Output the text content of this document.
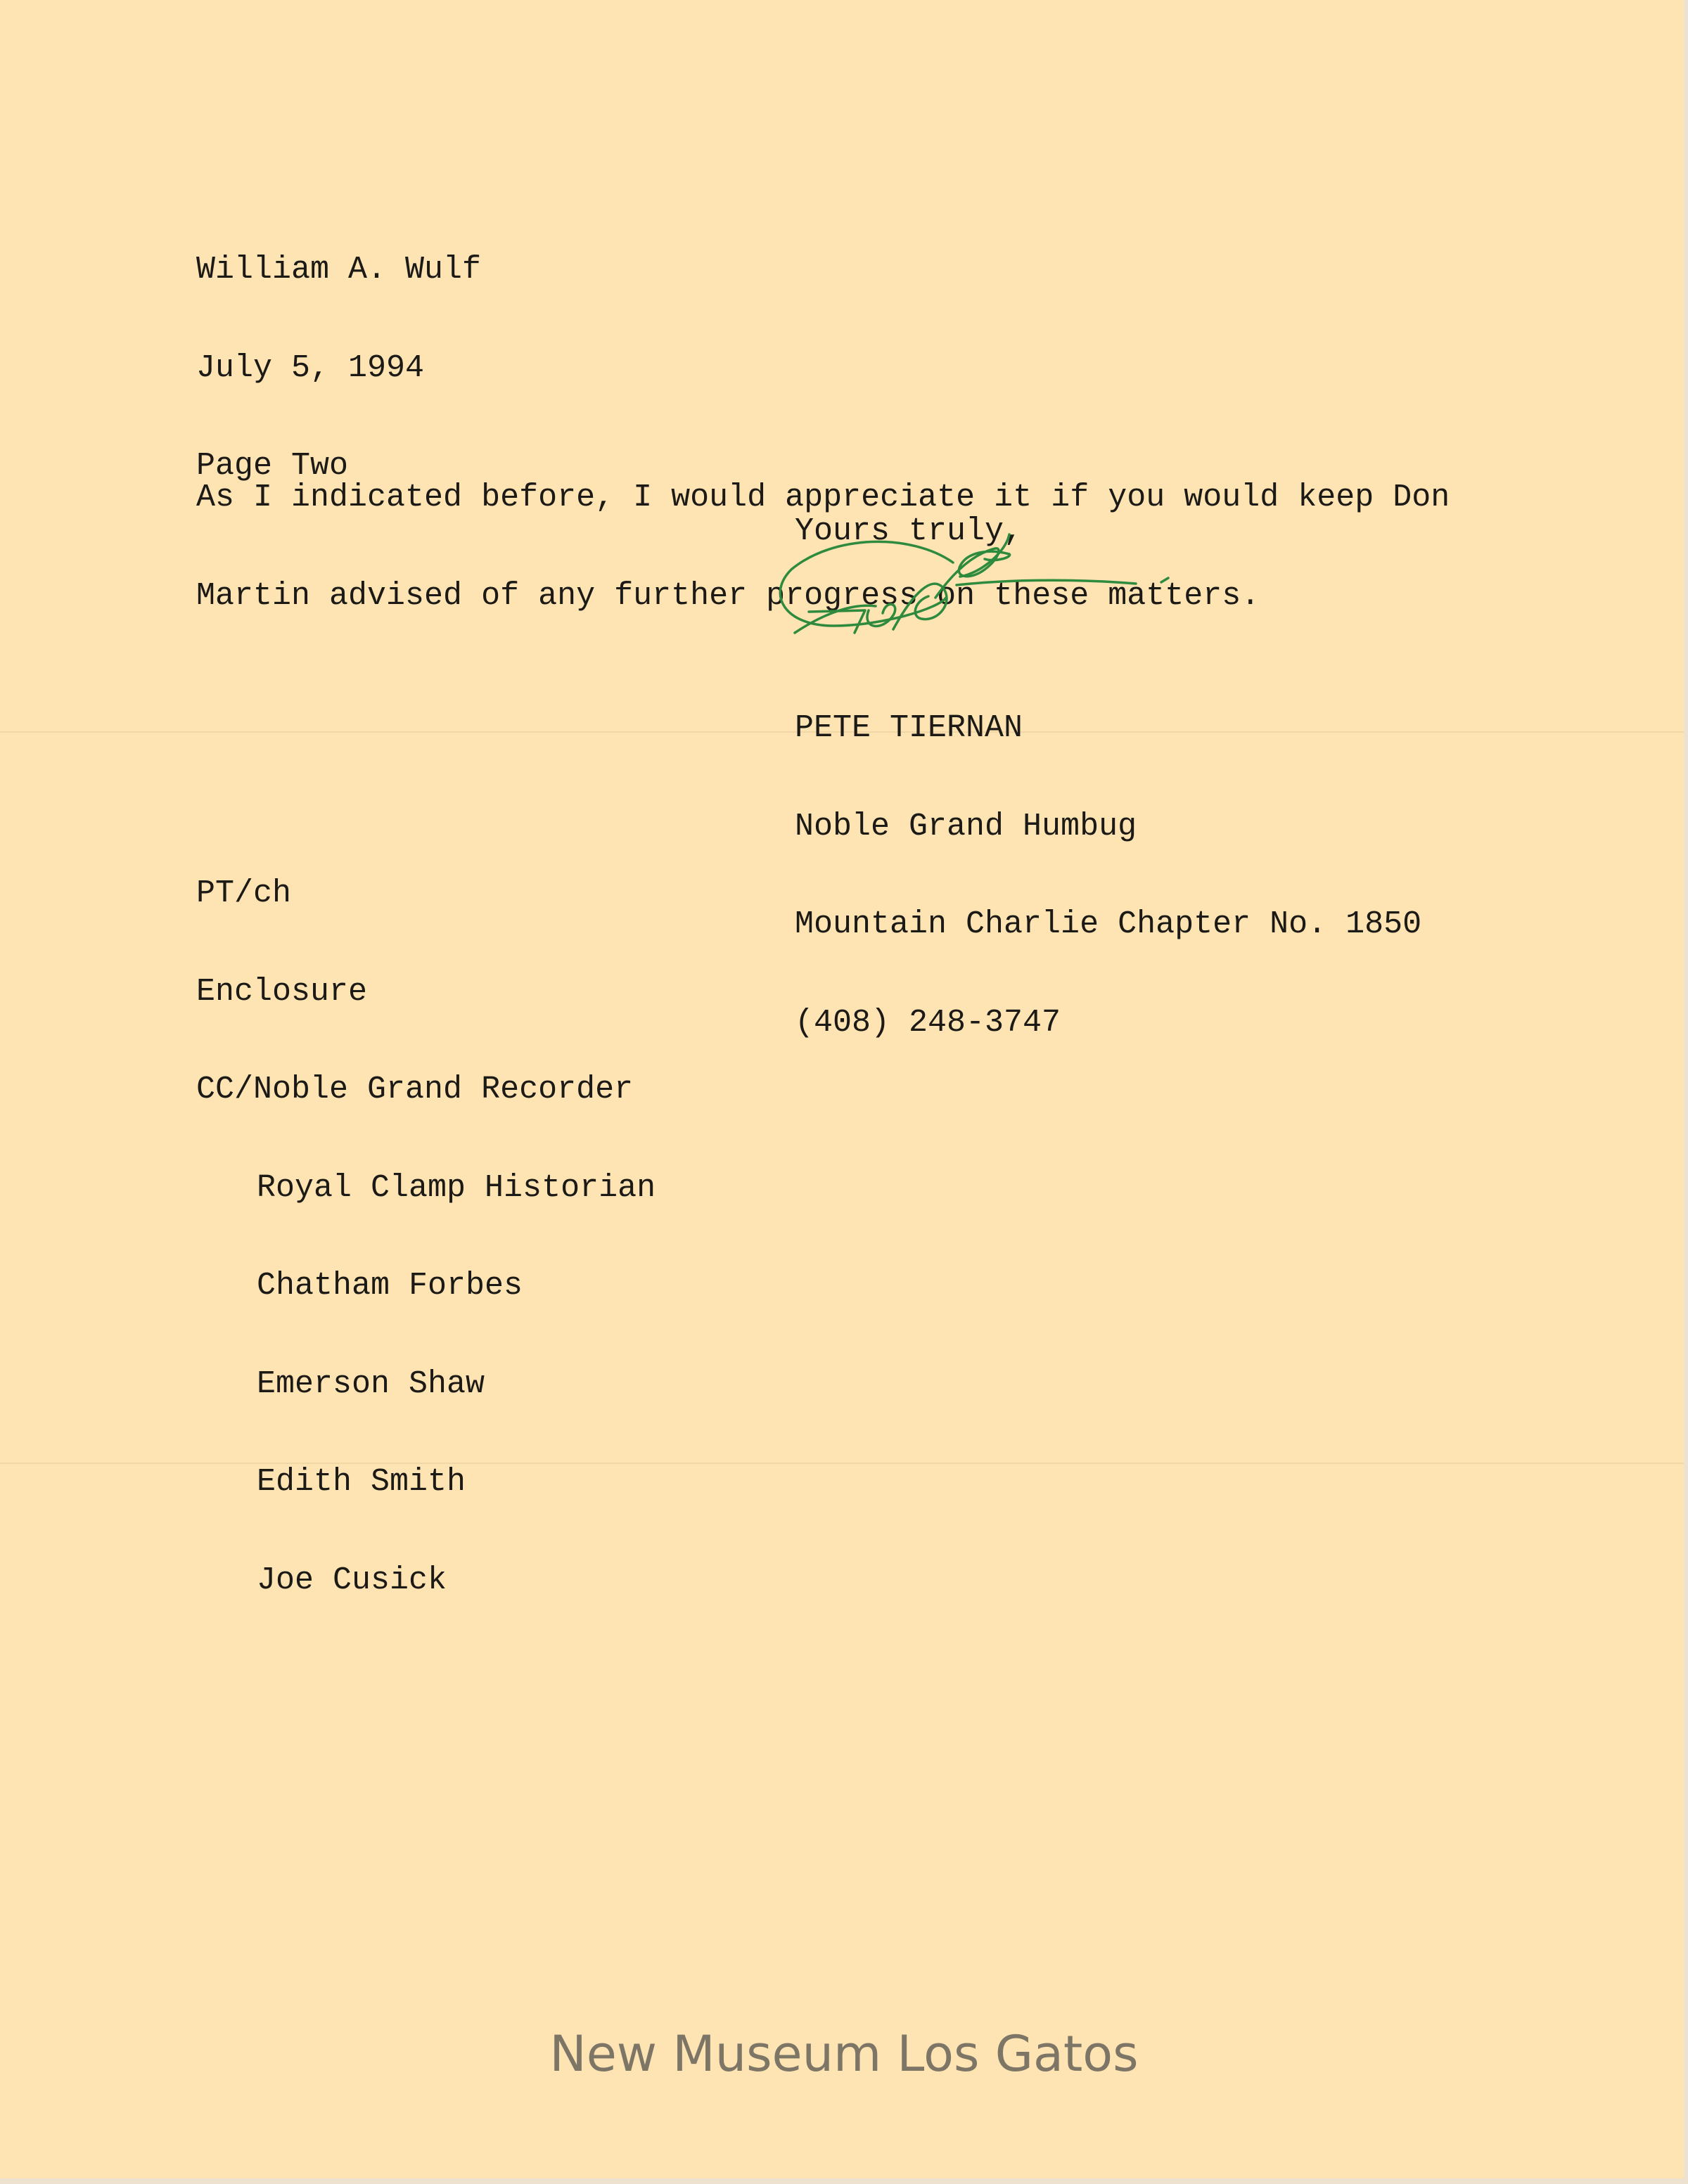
William A. Wulf

July 5, 1994

Page Two

As I indicated before, I would appreciate it if you would keep Don

Martin advised of any further progress on these matters.

Yours truly,

PETE TIERNAN

Noble Grand Humbug

Mountain Charlie Chapter No. 1850

(408) 248-3747

PT/ch

Enclosure

CC/Noble Grand Recorder

Royal Clamp Historian

Chatham Forbes

Emerson Shaw

Edith Smith

Joe Cusick

New Museum Los Gatos
